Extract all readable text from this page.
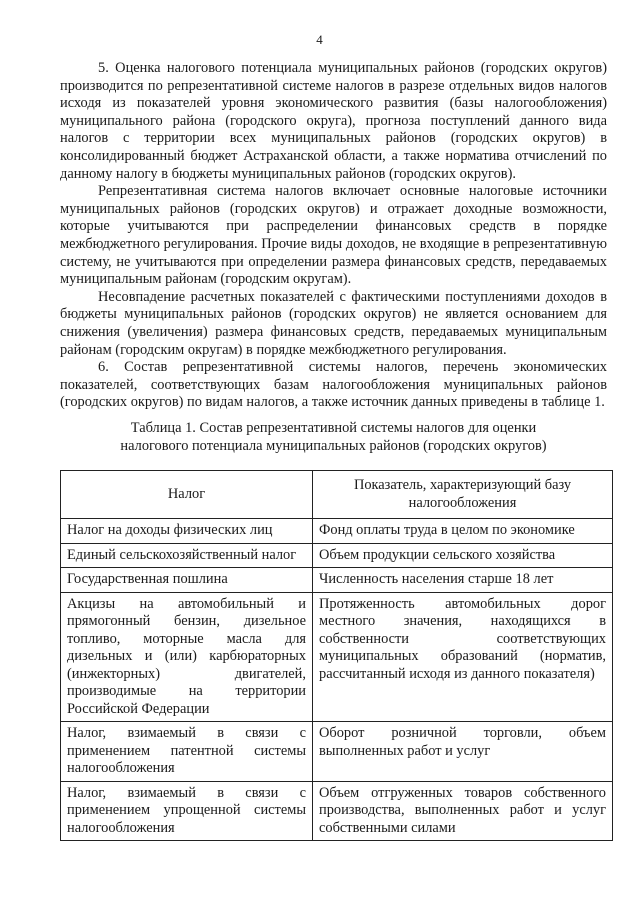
4

5. Оценка налогового потенциала муниципальных районов (городских округов) производится по репрезентативной системе налогов в разрезе отдельных видов налогов исходя из показателей уровня экономического развития (базы налогообложения) муниципального района (городского округа), прогноза поступлений данного вида налогов с территории всех муниципальных районов (городских округов) в консолидированный бюджет Астраханской области, а также норматива отчислений по данному налогу в бюджеты муниципальных районов (городских округов).

Репрезентативная система налогов включает основные налоговые источники муниципальных районов (городских округов) и отражает доходные возможности, которые учитываются при распределении финансовых средств в порядке межбюджетного регулирования. Прочие виды доходов, не входящие в репрезентативную систему, не учитываются при определении размера финансовых средств, передаваемых муниципальным районам (городским округам).

Несовпадение расчетных показателей с фактическими поступлениями доходов в бюджеты муниципальных районов (городских округов) не является основанием для снижения (увеличения) размера финансовых средств, передаваемых муниципальным районам (городским округам) в порядке межбюджетного регулирования.

6. Состав репрезентативной системы налогов, перечень экономических показателей, соответствующих базам налогообложения муниципальных районов (городских округов) по видам налогов, а также источник данных приведены в таблице 1.

Таблица 1. Состав репрезентативной системы налогов для оценки
налогового потенциала муниципальных районов (городских округов)
Налог	Показатель, характеризующий базу налогообложения
Налог на доходы физических лиц	Фонд оплаты труда в целом по экономике
Единый сельскохозяйственный налог	Объем продукции сельского хозяйства
Государственная пошлина	Численность населения старше 18 лет
Акцизы на автомобильный и прямогонный бензин, дизельное топливо, моторные масла для дизельных и (или) карбюраторных (инжекторных) двигателей, производимые на территории Российской Федерации	Протяженность автомобильных дорог местного значения, находящихся в собственности соответствующих муниципальных образований (норматив, рассчитанный исходя из данного показателя)
Налог, взимаемый в связи с применением патентной системы налогообложения	Оборот розничной торговли, объем выполненных работ и услуг
Налог, взимаемый в связи с применением упрощенной системы налогообложения	Объем отгруженных товаров собственного производства, выполненных работ и услуг собственными силами
